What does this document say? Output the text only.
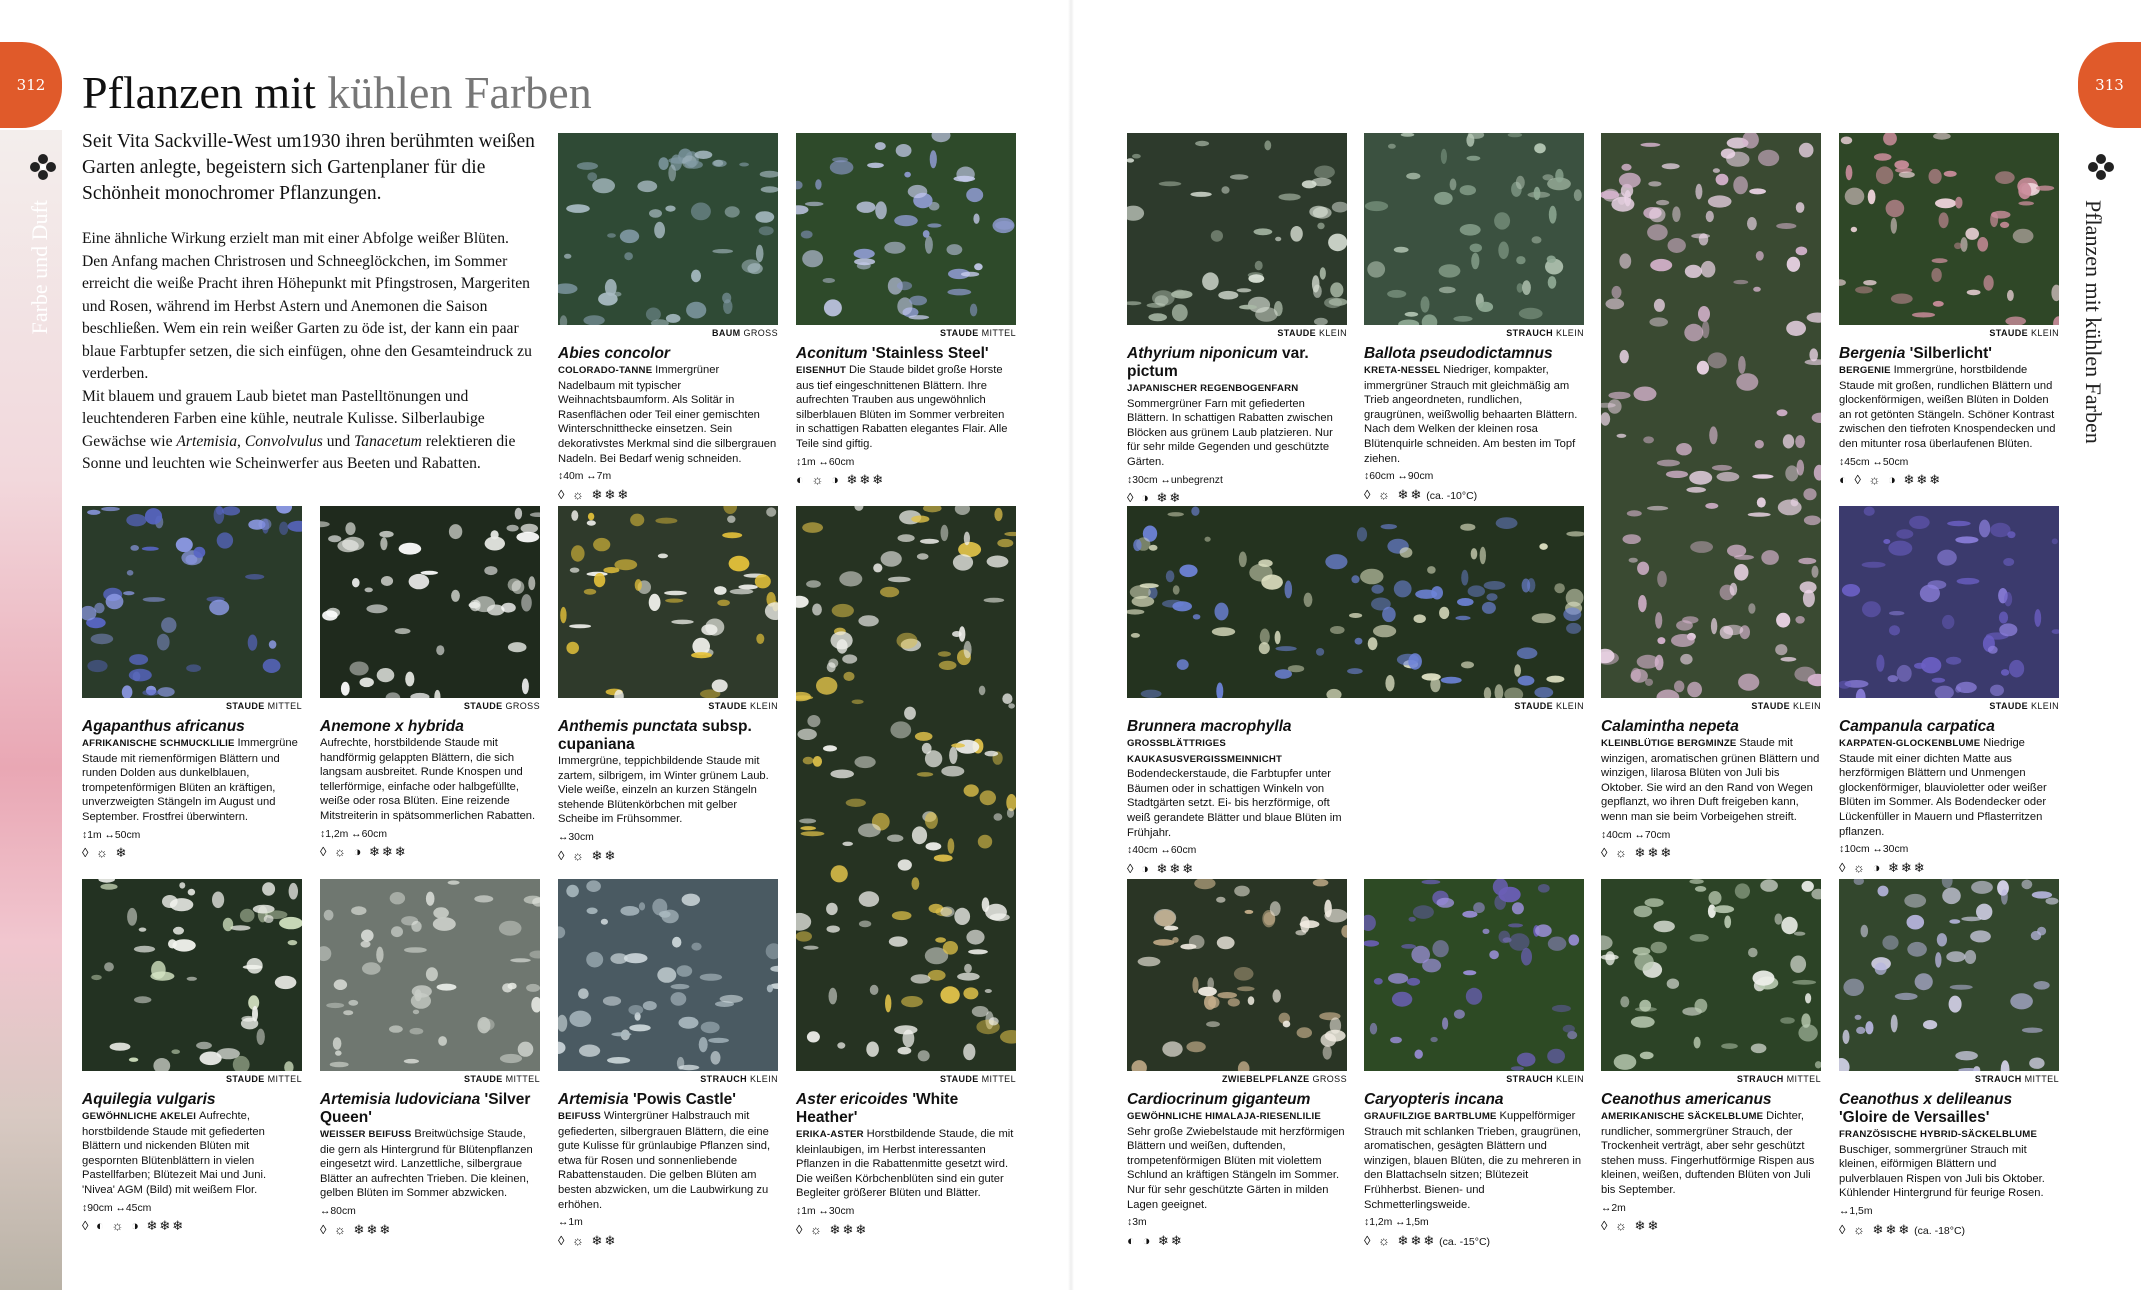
312	313
Farbe und Duft	Pflanzen mit kühlen Farben
Pflanzen mit kühlen Farben
Seit Vita Sackville-West um1930 ihren berühmten weißen Garten anlegte, begeistern sich Gartenplaner für die Schönheit monochromer Pflanzungen.
Eine ähnliche Wirkung erzielt man mit einer Abfolge weißer Blüten. Den Anfang machen Christrosen und Schneeglöckchen, im Sommer erreicht die weiße Pracht ihren Höhepunkt mit Pfingstrosen, Margeriten und Rosen, während im Herbst Astern und Anemonen die Saison beschließen. Wem ein rein weißer Garten zu öde ist, der kann ein paar blaue Farbtupfer setzen, die sich einfügen, ohne den Gesamteindruck zu verderben.
Mit blauem und grauem Laub bietet man Pastelltönungen und leuchtenderen Farben eine kühle, neutrale Kulisse. Silberlaubige Gewächse wie Artemisia, Convolvulus und Tanacetum relektieren die Sonne und leuchten wie Scheinwerfer aus Beeten und Rabatten.
BAUM GROSS
Abies concolor
COLORADO-TANNE Immergrüner Nadelbaum mit typischer Weihnachtsbaumform. Als Solitär in Rasenflächen oder Teil einer gemischten Winterschnitthecke einsetzen. Sein dekorativstes Merkmal sind die silbergrauen Nadeln. Bei Bedarf wenig schneiden.
↕40m ↔7m
◊ ☼ ❄❄❄
STAUDE MITTEL
Aconitum 'Stainless Steel'
EISENHUT Die Staude bildet große Horste aus tief eingeschnittenen Blättern. Ihre aufrechten Trauben aus ungewöhnlich silberblauen Blüten im Sommer verbreiten in schattigen Rabatten elegantes Flair. Alle Teile sind giftig.
↕1m ↔60cm
◐ ☼ ◑ ❄❄❄
STAUDE KLEIN
Athyrium niponicum var. pictum
JAPANISCHER REGENBOGENFARN Sommergrüner Farn mit gefiederten Blättern. In schattigen Rabatten zwischen Blöcken aus grünem Laub platzieren. Nur für sehr milde Gegenden und geschützte Gärten.
↕30cm ↔unbegrenzt
◊ ◑ ❄❄
STRAUCH KLEIN
Ballota pseudodictamnus
KRETA-NESSEL Niedriger, kompakter, immergrüner Strauch mit gleichmäßig am Trieb angeordneten, rundlichen, graugrünen, weißwollig behaarten Blättern. Nach dem Welken der kleinen rosa Blütenquirle schneiden. Am besten im Topf ziehen.
↕60cm ↔90cm
◊ ☼ ❄❄ (ca. -10°C)
STAUDE KLEIN
Bergenia 'Silberlicht'
BERGENIE Immergrüne, horstbildende Staude mit großen, rundlichen Blättern und glockenförmigen, weißen Blüten in Dolden an rot getönten Stängeln. Schöner Kontrast zwischen den tiefroten Knospendecken und den mitunter rosa überlaufenen Blüten.
↕45cm ↔50cm
◐ ◊ ☼ ◑ ❄❄❄
STAUDE MITTEL
Agapanthus africanus
AFRIKANISCHE SCHMUCKLILIE Immergrüne Staude mit riemenförmigen Blättern und runden Dolden aus dunkelblauen, trompetenförmigen Blüten an kräftigen, unverzweigten Stängeln im August und September. Frostfrei überwintern.
↕1m ↔50cm
◊ ☼ ❄
STAUDE GROSS
Anemone x hybrida
Aufrechte, horstbildende Staude mit handförmig gelappten Blättern, die sich langsam ausbreitet. Runde Knospen und tellerförmige, einfache oder halbgefüllte, weiße oder rosa Blüten. Eine reizende Mitstreiterin in spätsommerlichen Rabatten.
↕1,2m ↔60cm
◊ ☼ ◑ ❄❄❄
STAUDE KLEIN
Anthemis punctata subsp. cupaniana
Immergrüne, teppichbildende Staude mit zartem, silbrigem, im Winter grünem Laub. Viele weiße, einzeln an kurzen Stängeln stehende Blütenkörbchen mit gelber Scheibe im Frühsommer.
↔30cm
◊ ☼ ❄❄
STAUDE MITTEL
Aster ericoides 'White Heather'
ERIKA-ASTER Horstbildende Staude, die mit kleinlaubigen, im Herbst interessanten Pflanzen in die Rabattenmitte gesetzt wird. Die weißen Körbchenblüten sind ein guter Begleiter größerer Blüten und Blätter.
↕1m ↔30cm
◊ ☼ ❄❄❄
STAUDE KLEIN
Brunnera macrophylla
GROSSBLÄTTRIGES KAUKASUSVERGISSMEINNICHT Bodendeckerstaude, die Farbtupfer unter Bäumen oder in schattigen Winkeln von Stadtgärten setzt. Ei- bis herzförmige, oft weiß gerandete Blätter und blaue Blüten im Frühjahr.
↕40cm ↔60cm
◊ ◑ ❄❄❄
STAUDE KLEIN
Calamintha nepeta
KLEINBLÜTIGE BERGMINZE Staude mit winzigen, aromatischen grünen Blättern und winzigen, lilarosa Blüten von Juli bis Oktober. Sie wird an den Rand von Wegen gepflanzt, wo ihren Duft freigeben kann, wenn man sie beim Vorbeigehen streift.
↕40cm ↔70cm
◊ ☼ ❄❄❄
STAUDE KLEIN
Campanula carpatica
KARPATEN-GLOCKENBLUME Niedrige Staude mit einer dichten Matte aus herzförmigen Blättern und Unmengen glockenförmiger, blauvioletter oder weißer Blüten im Sommer. Als Bodendecker oder Lückenfüller in Mauern und Pflasterritzen pflanzen.
↕10cm ↔30cm
◊ ☼ ◑ ❄❄❄
STAUDE MITTEL
Aquilegia vulgaris
GEWÖHNLICHE AKELEI Aufrechte, horstbildende Staude mit gefiederten Blättern und nickenden Blüten mit gespornten Blütenblättern in vielen Pastellfarben; Blütezeit Mai und Juni. 'Nivea' AGM (Bild) mit weißem Flor.
↕90cm ↔45cm
◊ ◐ ☼ ◑ ❄❄❄
STAUDE MITTEL
Artemisia ludoviciana 'Silver Queen'
WEISSER BEIFUSS Breitwüchsige Staude, die gern als Hintergrund für Blütenpflanzen eingesetzt wird. Lanzettliche, silbergraue Blätter an aufrechten Trieben. Die kleinen, gelben Blüten im Sommer abzwicken.
↔80cm
◊ ☼ ❄❄❄
STRAUCH KLEIN
Artemisia 'Powis Castle'
BEIFUSS Wintergrüner Halbstrauch mit gefiederten, silbergrauen Blättern, die eine gute Kulisse für grünlaubige Pflanzen sind, etwa für Rosen und sonnenliebende Rabattenstauden. Die gelben Blüten am besten abzwicken, um die Laubwirkung zu erhöhen.
↔1m
◊ ☼ ❄❄
ZWIEBELPFLANZE GROSS
Cardiocrinum giganteum
GEWÖHNLICHE HIMALAJA-RIESENLILIE Sehr große Zwiebelstaude mit herzförmigen Blättern und weißen, duftenden, trompetenförmigen Blüten mit violettem Schlund an kräftigen Stängeln im Sommer. Nur für sehr geschützte Gärten in milden Lagen geeignet.
↕3m
◐ ◑ ❄❄
STRAUCH KLEIN
Caryopteris incana
GRAUFILZIGE BARTBLUME Kuppelförmiger Strauch mit schlanken Trieben, graugrünen, aromatischen, gesägten Blättern und winzigen, blauen Blüten, die zu mehreren in den Blattachseln sitzen; Blütezeit Frühherbst. Bienen- und Schmetterlingsweide.
↕1,2m ↔1,5m
◊ ☼ ❄❄❄ (ca. -15°C)
STRAUCH MITTEL
Ceanothus americanus
AMERIKANISCHE SÄCKELBLUME Dichter, rundlicher, sommergrüner Strauch, der Trockenheit verträgt, aber sehr geschützt stehen muss. Fingerhutförmige Rispen aus kleinen, weißen, duftenden Blüten von Juli bis September.
↔2m
◊ ☼ ❄❄
STRAUCH MITTEL
Ceanothus x delileanus 'Gloire de Versailles'
FRANZÖSISCHE HYBRID-SÄCKELBLUME Buschiger, sommergrüner Strauch mit kleinen, eiförmigen Blättern und pulverblauen Rispen von Juli bis Oktober. Kühlender Hintergrund für feurige Rosen.
↔1,5m
◊ ☼ ❄❄❄ (ca. -18°C)
